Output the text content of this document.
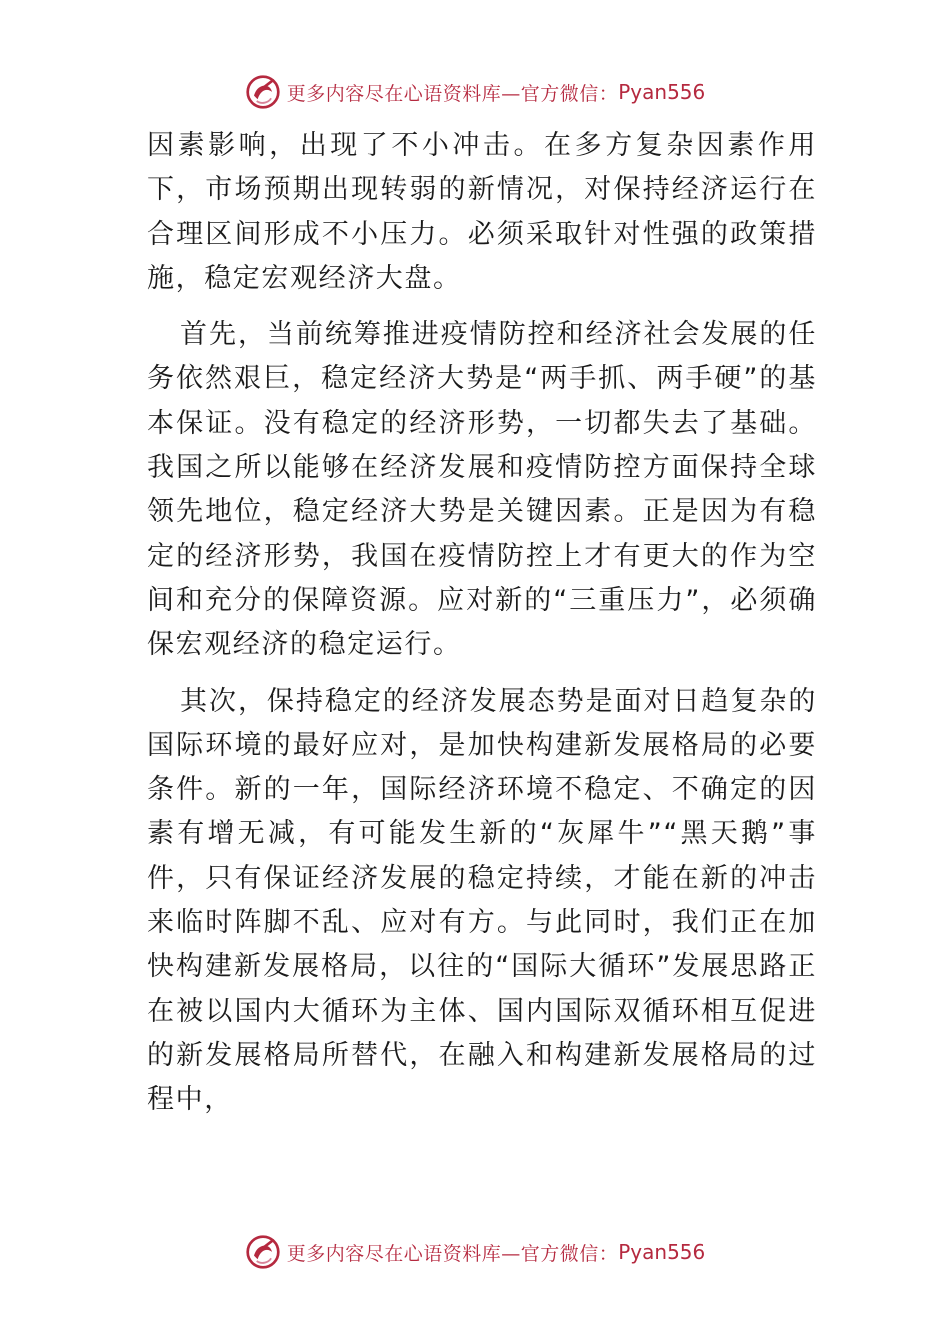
更多内容尽在心语资料库—官方微信： Pyan556

因素影响，出现了不小冲击。在多方复杂因素作用下，市场预期出现转弱的新情况，对保持经济运行在合理区间形成不小压力。必须采取针对性强的政策措施，稳定宏观经济大盘。

首先，当前统筹推进疫情防控和经济社会发展的任务依然艰巨，稳定经济大势是“两手抓、两手硬”的基本保证。没有稳定的经济形势，一切都失去了基础。我国之所以能够在经济发展和疫情防控方面保持全球领先地位，稳定经济大势是关键因素。正是因为有稳定的经济形势，我国在疫情防控上才有更大的作为空间和充分的保障资源。应对新的“三重压力”，必须确保宏观经济的稳定运行。

其次，保持稳定的经济发展态势是面对日趋复杂的国际环境的最好应对，是加快构建新发展格局的必要条件。新的一年，国际经济环境不稳定、不确定的因素有增无减，有可能发生新的“灰犀牛”“黑天鹅”事件，只有保证经济发展的稳定持续，才能在新的冲击来临时阵脚不乱、应对有方。与此同时，我们正在加快构建新发展格局，以往的“国际大循环”发展思路正在被以国内大循环为主体、国内国际双循环相互促进的新发展格局所替代，在融入和构建新发展格局的过程中，

更多内容尽在心语资料库—官方微信： Pyan556
